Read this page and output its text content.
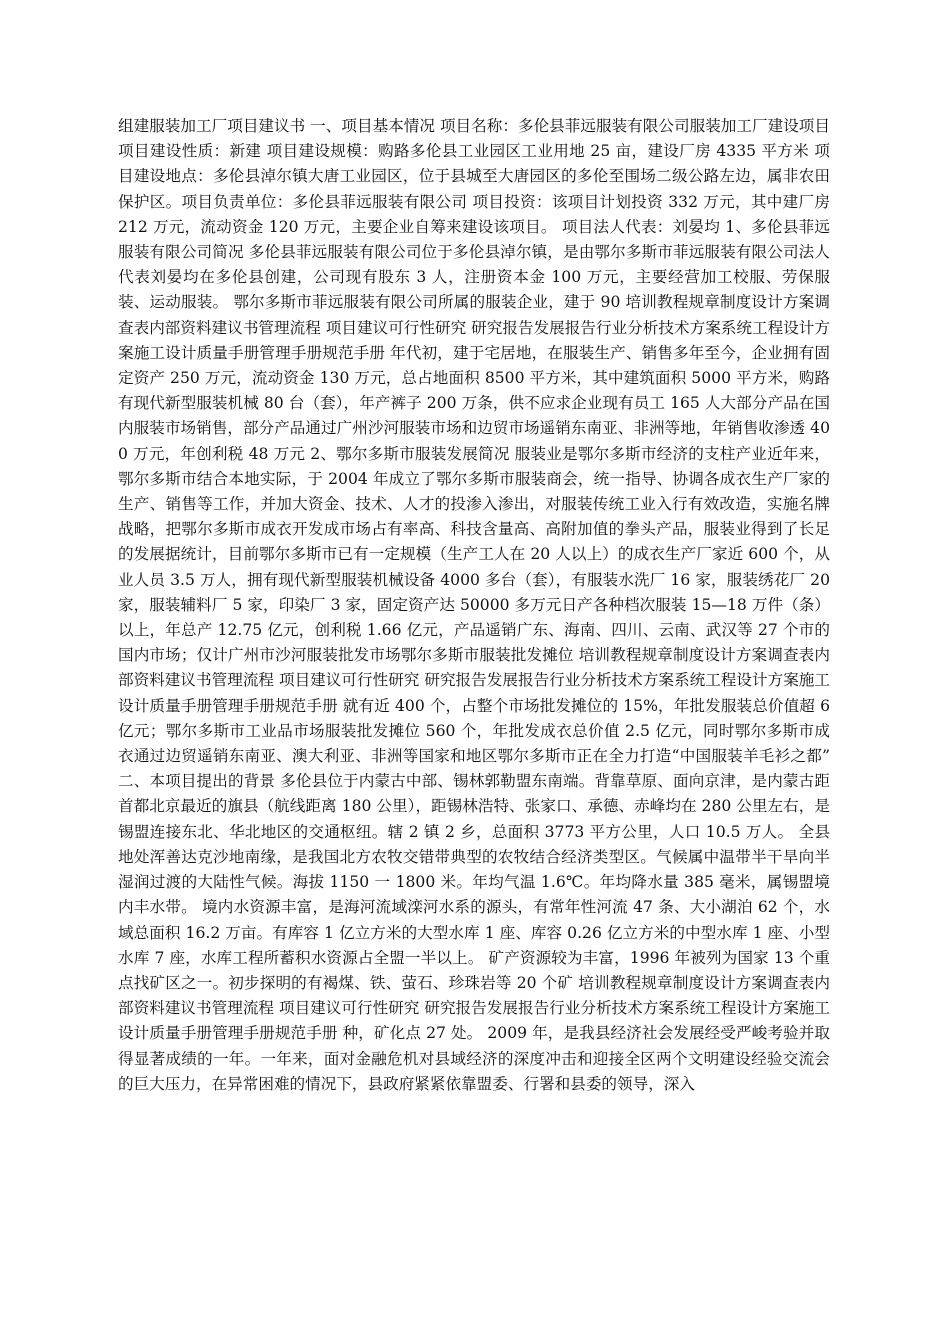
组建服装加工厂项目建议书 一、项目基本情况 项目名称：多伦县菲远服装有限公司服装加工厂建设项目 项目建设性质：新建 项目建设规模：购路多伦县工业园区工业用地 25 亩，建设厂房 4335 平方米 项目建设地点：多伦县淖尔镇大唐工业园区，位于县城至大唐园区的多伦至围场二级公路左边，属非农田保护区。项目负责单位：多伦县菲远服装有限公司 项目投资：该项目计划投资 332 万元，其中建厂房 212 万元，流动资金 120 万元，主要企业自筹来建设该项目。 项目法人代表：刘晏均 1、多伦县菲远服装有限公司简况 多伦县菲远服装有限公司位于多伦县淖尔镇，是由鄂尔多斯市菲远服装有限公司法人代表刘晏均在多伦县创建，公司现有股东 3 人，注册资本金 100 万元，主要经营加工校服、劳保服装、运动服装。 鄂尔多斯市菲远服装有限公司所属的服装企业，建于 90 培训教程规章制度设计方案调查表内部资料建议书管理流程 项目建议可行性研究 研究报告发展报告行业分析技术方案系统工程设计方案施工设计质量手册管理手册规范手册 年代初，建于宅居地，在服装生产、销售多年至今，企业拥有固定资产 250 万元，流动资金 130 万元，总占地面积 8500 平方米，其中建筑面积 5000 平方米，购路有现代新型服装机械 80 台（套），年产裤子 200 万条，供不应求企业现有员工 165 人大部分产品在国内服装市场销售，部分产品通过广州沙河服装市场和边贸市场遥销东南亚、非洲等地，年销售收渗透 400 万元，年创利税 48 万元 2、鄂尔多斯市服装发展简况 服装业是鄂尔多斯市经济的支柱产业近年来，鄂尔多斯市结合本地实际，于 2004 年成立了鄂尔多斯市服装商会，统一指导、协调各成衣生产厂家的生产、销售等工作，并加大资金、技术、人才的投渗入渗出，对服装传统工业入行有效改造，实施名牌战略，把鄂尔多斯市成衣开发成市场占有率高、科技含量高、高附加值的拳头产品，服装业得到了长足的发展据统计，目前鄂尔多斯市已有一定规模（生产工人在 20 人以上）的成衣生产厂家近 600 个，从业人员 3.5 万人，拥有现代新型服装机械设备 4000 多台（套），有服装水洗厂 16 家，服装绣花厂 20 家，服装辅料厂 5 家，印染厂 3 家，固定资产达 50000 多万元日产各种档次服装 15—18 万件（条）以上，年总产 12.75 亿元，创利税 1.66 亿元，产品遥销广东、海南、四川、云南、武汉等 27 个市的国内市场；仅计广州市沙河服装批发市场鄂尔多斯市服装批发摊位 培训教程规章制度设计方案调查表内部资料建议书管理流程 项目建议可行性研究 研究报告发展报告行业分析技术方案系统工程设计方案施工设计质量手册管理手册规范手册 就有近 400 个，占整个市场批发摊位的 15%，年批发服装总价值超 6 亿元；鄂尔多斯市工业品市场服装批发摊位 560 个，年批发成衣总价值 2.5 亿元，同时鄂尔多斯市成衣通过边贸遥销东南亚、澳大利亚、非洲等国家和地区鄂尔多斯市正在全力打造“中国服装羊毛衫之都” 二、本项目提出的背景 多伦县位于内蒙古中部、锡林郭勒盟东南端。背靠草原、面向京津，是内蒙古距首都北京最近的旗县（航线距离 180 公里），距锡林浩特、张家口、承德、赤峰均在 280 公里左右，是锡盟连接东北、华北地区的交通枢纽。辖 2 镇 2 乡，总面积 3773 平方公里，人口 10.5 万人。 全县地处浑善达克沙地南缘，是我国北方农牧交错带典型的农牧结合经济类型区。气候属中温带半干旱向半湿润过渡的大陆性气候。海拔 1150 一 1800 米。年均气温 1.6℃。年均降水量 385 毫米，属锡盟境内丰水带。 境内水资源丰富，是海河流域滦河水系的源头，有常年性河流 47 条、大小湖泊 62 个，水域总面积 16.2 万亩。有库容 1 亿立方米的大型水库 1 座、库容 0.26 亿立方米的中型水库 1 座、小型水库 7 座，水库工程所蓄积水资源占全盟一半以上。 矿产资源较为丰富，1996 年被列为国家 13 个重点找矿区之一。初步探明的有褐煤、铁、萤石、珍珠岩等 20 个矿 培训教程规章制度设计方案调查表内部资料建议书管理流程 项目建议可行性研究 研究报告发展报告行业分析技术方案系统工程设计方案施工设计质量手册管理手册规范手册 种，矿化点 27 处。 2009 年，是我县经济社会发展经受严峻考验并取得显著成绩的一年。一年来，面对金融危机对县域经济的深度冲击和迎接全区两个文明建设经验交流会的巨大压力，在异常困难的情况下，县政府紧紧依靠盟委、行署和县委的领导，深入
